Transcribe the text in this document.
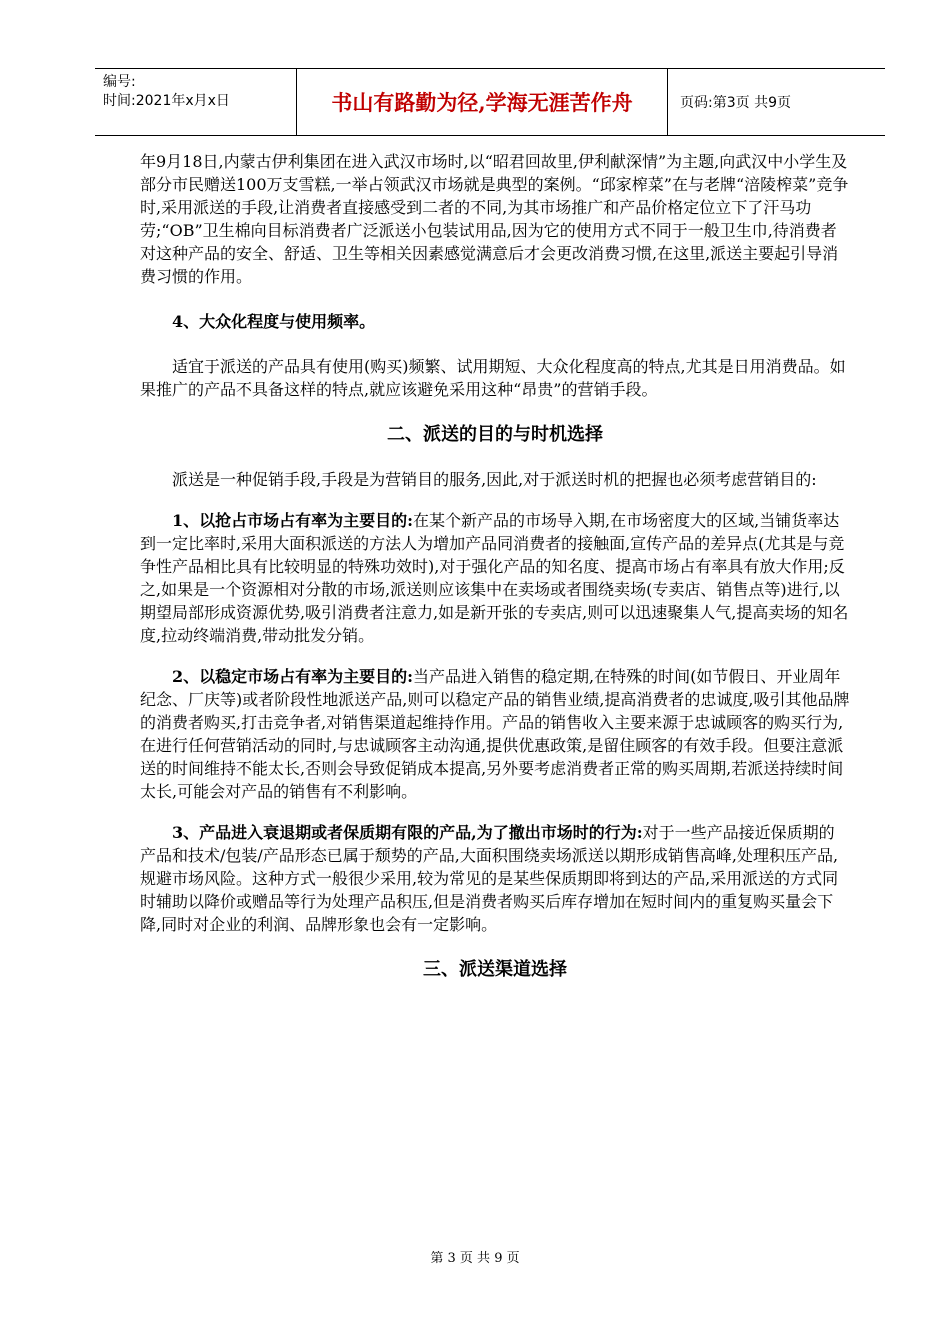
编号:
时间:2021年x月x日	书山有路勤为径,学海无涯苦作舟	页码:第3页 共9页

年9月18日,内蒙古伊利集团在进入武汉市场时,以“昭君回故里,伊利献深情”为主题,向武汉中小学生及部分市民赠送100万支雪糕,一举占领武汉市场就是典型的案例。“邱家榨菜”在与老牌“涪陵榨菜”竞争时,采用派送的手段,让消费者直接感受到二者的不同,为其市场推广和产品价格定位立下了汗马功劳;“OB”卫生棉向目标消费者广泛派送小包装试用品,因为它的使用方式不同于一般卫生巾,待消费者对这种产品的安全、舒适、卫生等相关因素感觉满意后才会更改消费习惯,在这里,派送主要起引导消费习惯的作用。

4、大众化程度与使用频率。

适宜于派送的产品具有使用(购买)频繁、试用期短、大众化程度高的特点,尤其是日用消费品。如果推广的产品不具备这样的特点,就应该避免采用这种“昂贵”的营销手段。

二、派送的目的与时机选择

派送是一种促销手段,手段是为营销目的服务,因此,对于派送时机的把握也必须考虑营销目的:

1、以抢占市场占有率为主要目的:在某个新产品的市场导入期,在市场密度大的区域,当铺货率达到一定比率时,采用大面积派送的方法人为增加产品同消费者的接触面,宣传产品的差异点(尤其是与竞争性产品相比具有比较明显的特殊功效时),对于强化产品的知名度、提高市场占有率具有放大作用;反之,如果是一个资源相对分散的市场,派送则应该集中在卖场或者围绕卖场(专卖店、销售点等)进行,以期望局部形成资源优势,吸引消费者注意力,如是新开张的专卖店,则可以迅速聚集人气,提高卖场的知名度,拉动终端消费,带动批发分销。

2、以稳定市场占有率为主要目的:当产品进入销售的稳定期,在特殊的时间(如节假日、开业周年纪念、厂庆等)或者阶段性地派送产品,则可以稳定产品的销售业绩,提高消费者的忠诚度,吸引其他品牌的消费者购买,打击竞争者,对销售渠道起维持作用。产品的销售收入主要来源于忠诚顾客的购买行为,在进行任何营销活动的同时,与忠诚顾客主动沟通,提供优惠政策,是留住顾客的有效手段。但要注意派送的时间维持不能太长,否则会导致促销成本提高,另外要考虑消费者正常的购买周期,若派送持续时间太长,可能会对产品的销售有不利影响。

3、产品进入衰退期或者保质期有限的产品,为了撤出市场时的行为:对于一些产品接近保质期的产品和技术/包装/产品形态已属于颓势的产品,大面积围绕卖场派送以期形成销售高峰,处理积压产品,规避市场风险。这种方式一般很少采用,较为常见的是某些保质期即将到达的产品,采用派送的方式同时辅助以降价或赠品等行为处理产品积压,但是消费者购买后库存增加在短时间内的重复购买量会下降,同时对企业的利润、品牌形象也会有一定影响。

三、派送渠道选择

第 3 页 共 9 页
